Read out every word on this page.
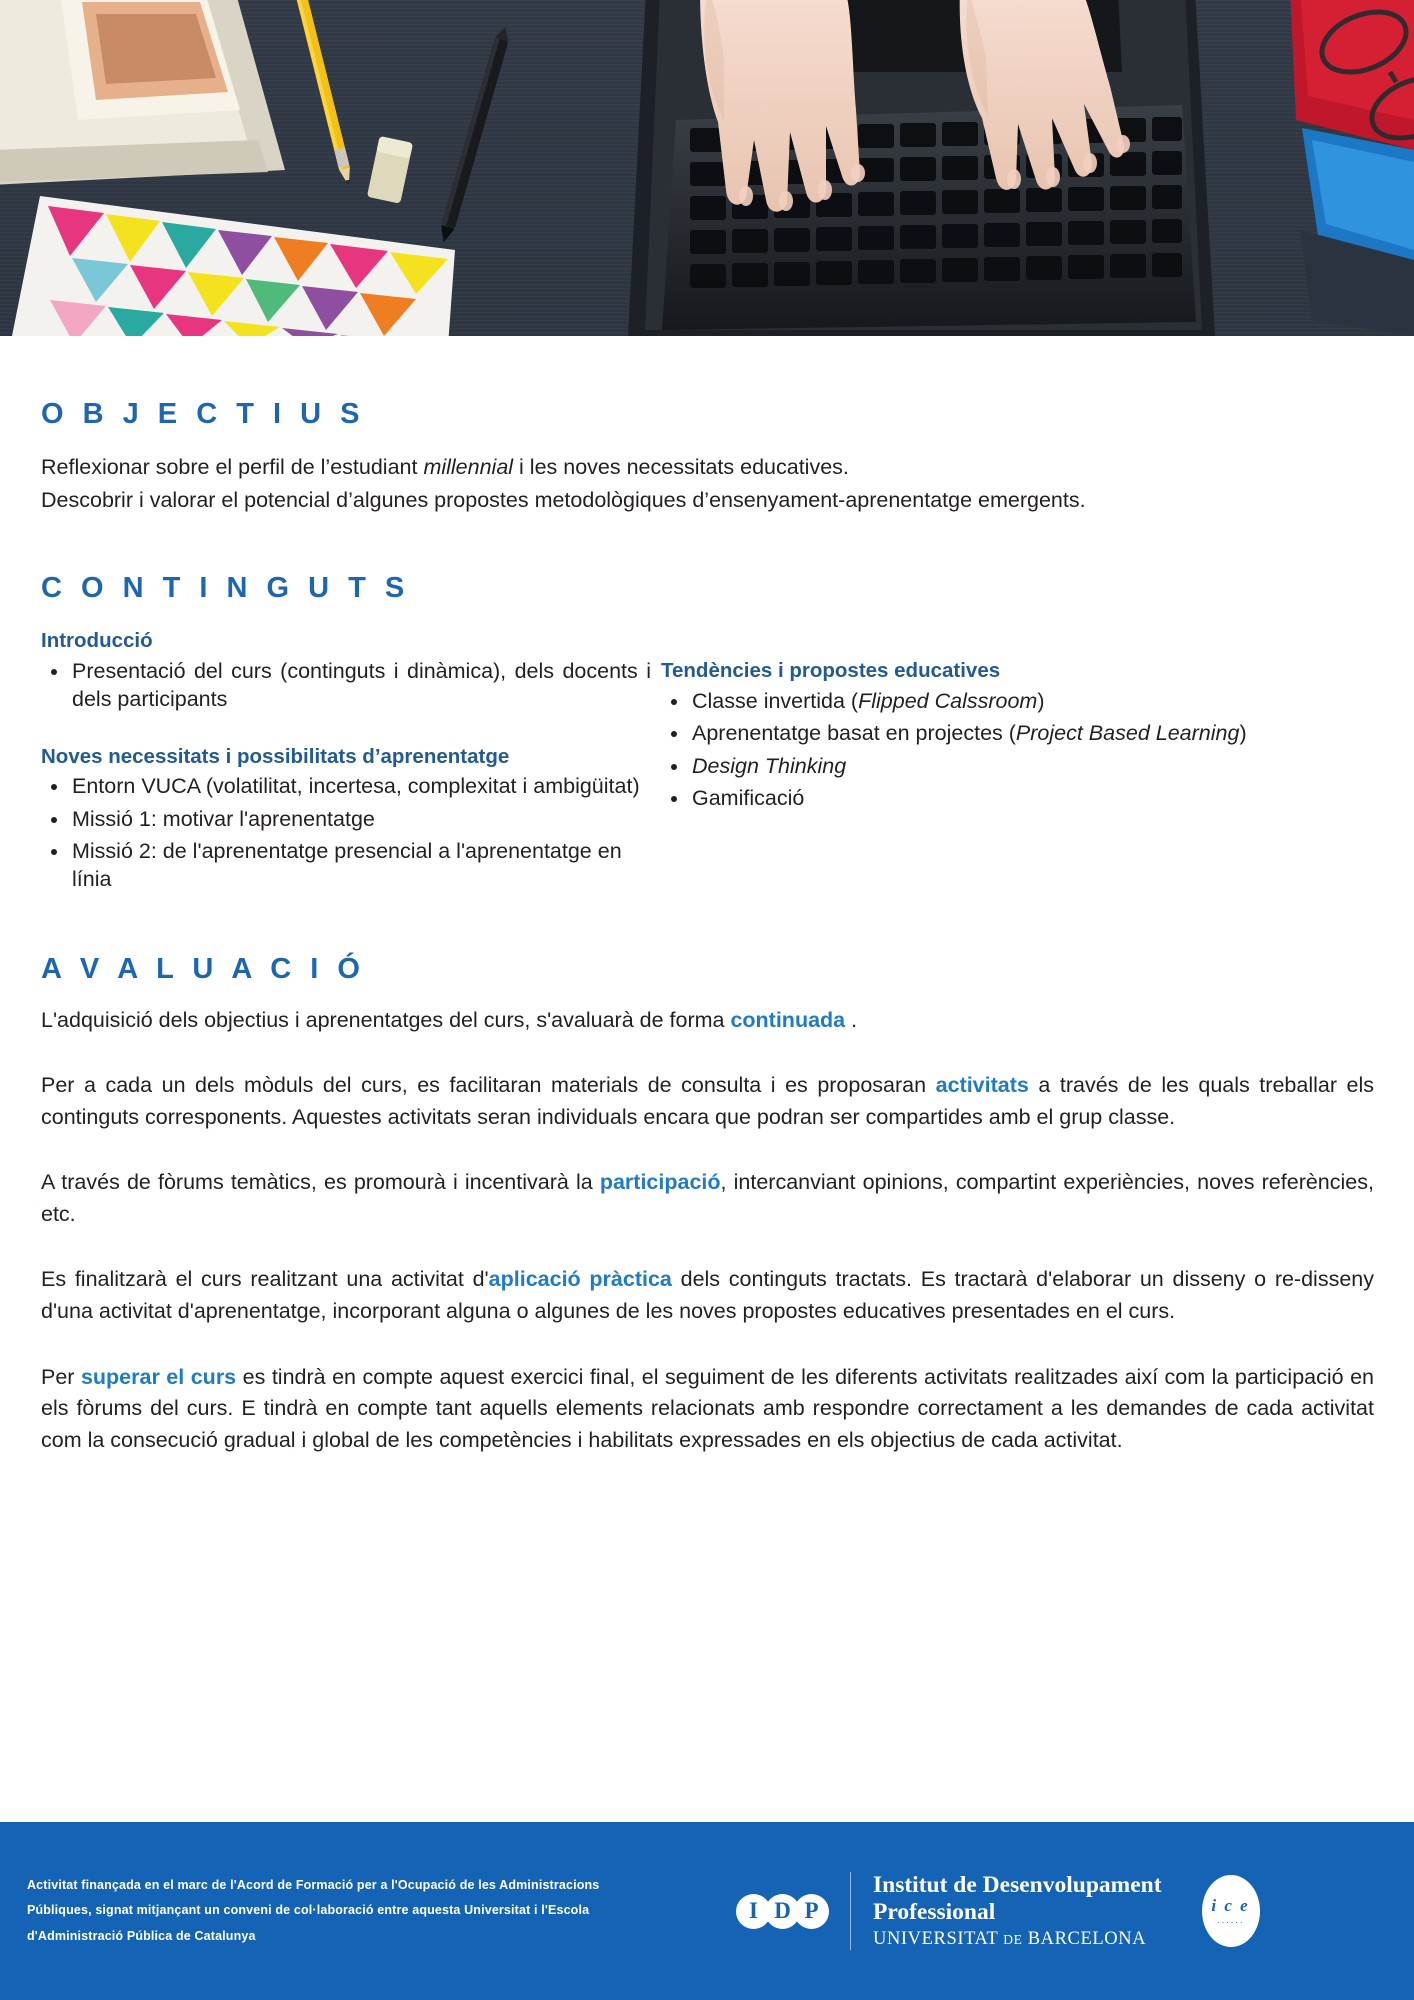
O B J E C T I U S

Reflexionar sobre el perfil de l’estudiant millennial i les noves necessitats educatives.

Descobrir i valorar el potencial d’algunes propostes metodològiques d’ensenyament-aprenentatge emergents.

C O N T I N G U T S
Introducció
Presentació del curs (continguts i dinàmica), dels docents i dels participants
Noves necessitats i possibilitats d’aprenentatge
Entorn VUCA (volatilitat, incertesa, complexitat i ambigüitat)
Missió 1: motivar l'aprenentatge
Missió 2: de l'aprenentatge presencial a l'aprenentatge en línia
Tendències i propostes educatives
Classe invertida (Flipped Calssroom)
Aprenentatge basat en projectes (Project Based Learning)
Design Thinking
Gamificació
A V A L U A C I Ó

L'adquisició dels objectius i aprenentatges del curs, s'avaluarà de forma continuada .

Per a cada un dels mòduls del curs, es facilitaran materials de consulta i es proposaran activitats a través de les quals treballar els continguts corresponents. Aquestes activitats seran individuals encara que podran ser compartides amb el grup classe.

A través de fòrums temàtics, es promourà i incentivarà la participació, intercanviant opinions, compartint experiències, noves referències, etc.

Es finalitzarà el curs realitzant una activitat d'aplicació pràctica dels continguts tractats. Es tractarà d'elaborar un disseny o re-disseny d'una activitat d'aprenentatge, incorporant alguna o algunes de les noves propostes educatives presentades en el curs.

Per superar el curs es tindrà en compte aquest exercici final, el seguiment de les diferents activitats realitzades així com la participació en els fòrums del curs. E tindrà en compte tant aquells elements relacionats amb respondre correctament a les demandes de cada activitat com la consecució gradual i global de les competències i habilitats expressades en els objectius de cada activitat.

Activitat finançada en el marc de l'Acord de Formació per a l'Ocupació de les Administracions

Públiques, signat mitjançant un conveni de col·laboració entre aquesta Universitat i l'Escola

d'Administració Pública de Catalunya

I D P
Institut de Desenvolupament
Professional
UNIVERSITAT DE BARCELONA
i c e
······
